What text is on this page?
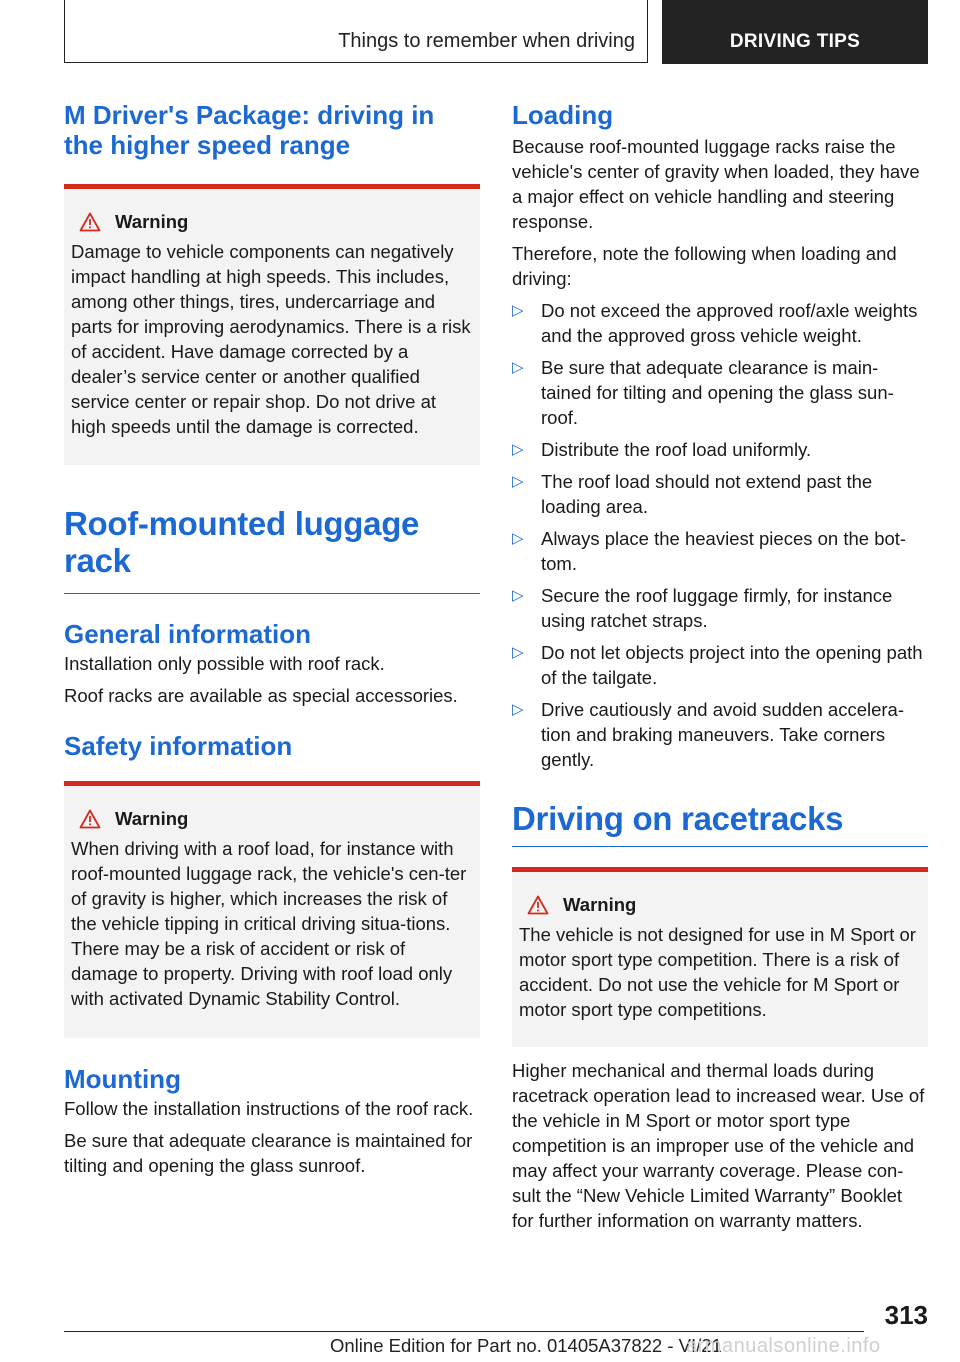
Things to remember when driving	DRIVING TIPS
M Driver's Package: driving in the higher speed range
Warning

Damage to vehicle components can negatively impact handling at high speeds. This includes, among other things, tires, undercarriage and parts for improving aerodynamics. There is a risk of accident. Have damage corrected by a dealer’s service center or another qualified service center or repair shop. Do not drive at high speeds until the damage is corrected.

Roof-mounted luggage rack
General information

Installation only possible with roof rack.

Roof racks are available as special accessories.

Safety information
Warning

When driving with a roof load, for instance with roof-mounted luggage rack, the vehicle's cen-ter of gravity is higher, which increases the risk of the vehicle tipping in critical driving situa-tions. There may be a risk of accident or risk of damage to property. Driving with roof load only with activated Dynamic Stability Control.

Mounting

Follow the installation instructions of the roof rack.

Be sure that adequate clearance is maintained for tilting and opening the glass sunroof.

Loading

Because roof-mounted luggage racks raise the vehicle's center of gravity when loaded, they have a major effect on vehicle handling and steering response.

Therefore, note the following when loading and driving:

▷ Do not exceed the approved roof/axle weights and the approved gross vehicle weight.
▷ Be sure that adequate clearance is main-tained for tilting and opening the glass sun-roof.
▷ Distribute the roof load uniformly.
▷ The roof load should not extend past the loading area.
▷ Always place the heaviest pieces on the bot-tom.
▷ Secure the roof luggage firmly, for instance using ratchet straps.
▷ Do not let objects project into the opening path of the tailgate.
▷ Drive cautiously and avoid sudden accelera-tion and braking maneuvers. Take corners gently.
Driving on racetracks
Warning

The vehicle is not designed for use in M Sport or motor sport type competition. There is a risk of accident. Do not use the vehicle for M Sport or motor sport type competitions.

Higher mechanical and thermal loads during racetrack operation lead to increased wear. Use of the vehicle in M Sport or motor sport type competition is an improper use of the vehicle and may affect your warranty coverage. Please con-sult the “New Vehicle Limited Warranty” Booklet for further information on warranty matters.

313
Online Edition for Part no. 01405A37822 - VI/21
armanualsonline.info
